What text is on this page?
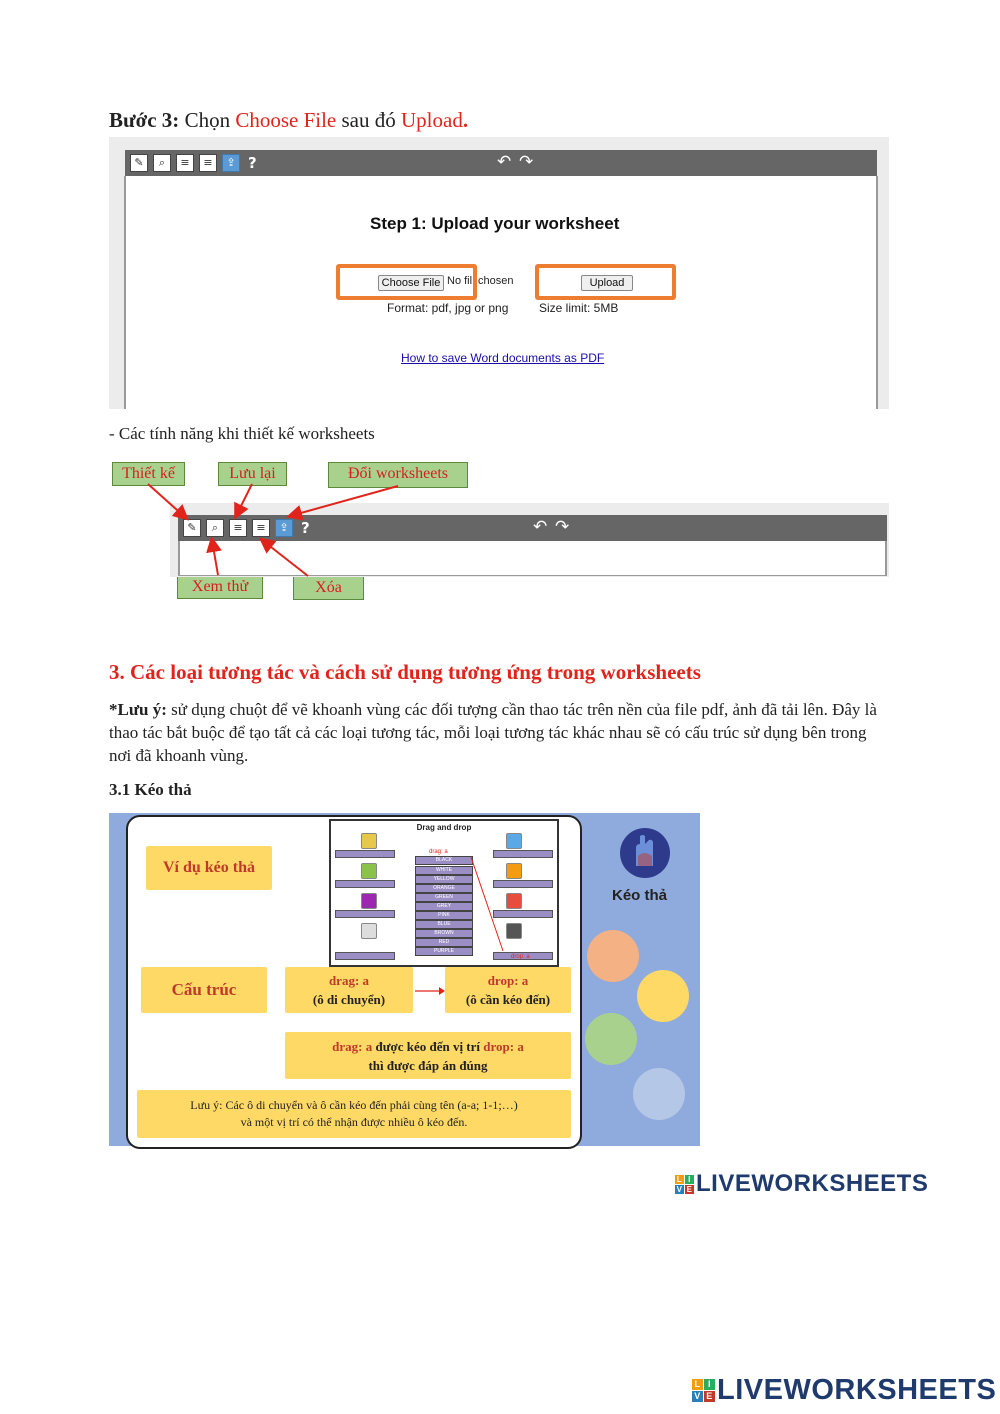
Bước 3: Chọn Choose File sau đó Upload.
✎	⌕	≡	≡	⇪ ?	↶ ↷
Step 1: Upload your worksheet
Choose File No fil chosen	Upload
Format: pdf, jpg or png	Size limit: 5MB
How to save Word documents as PDF
- Các tính năng khi thiết kế worksheets
Thiết kế	Lưu lại	Đổi worksheets
Xem thử	Xóa
✎	⌕	≡	≡	⇪ ?	↶ ↷
3. Các loại tương tác và cách sử dụng tương ứng trong worksheets
*Lưu ý: sử dụng chuột để vẽ khoanh vùng các đối tượng cần thao tác trên nền của file pdf, ảnh đã tải lên. Đây là thao tác bắt buộc để tạo tất cả các loại tương tác, mỗi loại tương tác khác nhau sẽ có cấu trúc sử dụng bên trong nơi đã khoanh vùng.
3.1 Kéo thả
Ví dụ kéo thả
Drag and drop
drag: a
BLACK
WHITE
YELLOW
ORANGE
GREEN
GREY
PINK
BLUE
BROWN
RED
PURPLE
drop: a
Cấu trúc	drag: a
(ô di chuyển)
drop: a
(ô cần kéo đến)
drag: a được kéo đến vị trí drop: a
thì được đáp án đúng
Lưu ý: Các ô di chuyển và ô cần kéo đến phải cùng tên (a-a; 1-1;…)
và một vị trí có thể nhận được nhiều ô kéo đến.
Kéo thả
L I
V E LIVEWORKSHEETS
L I
V E LIVEWORKSHEETS
